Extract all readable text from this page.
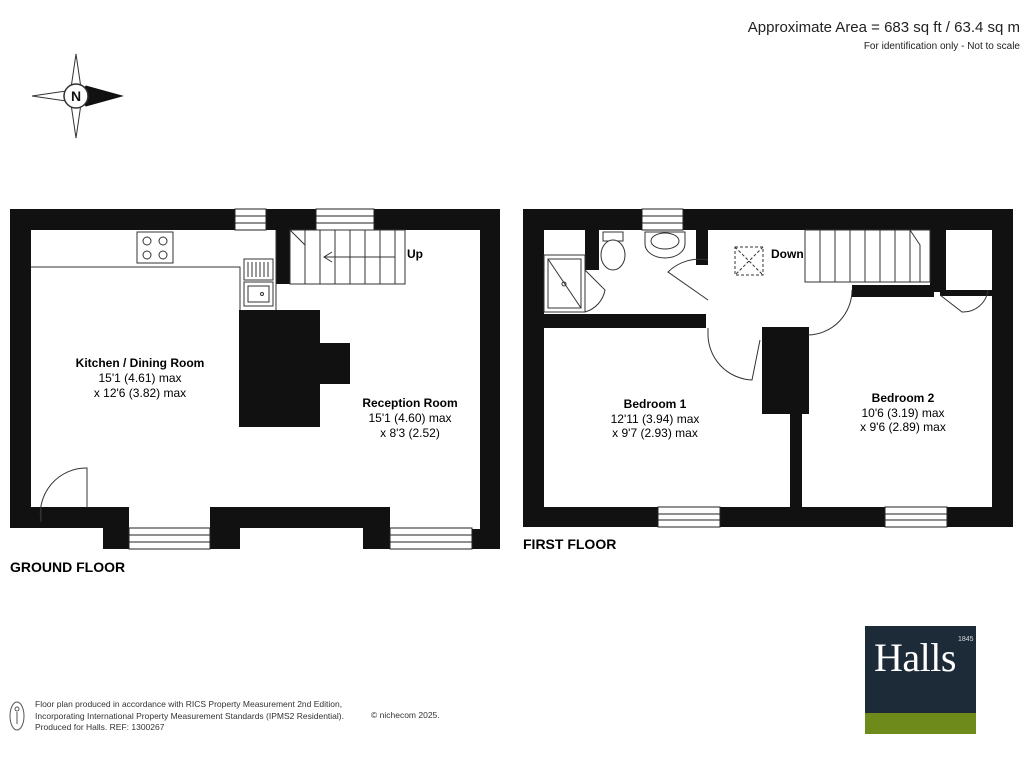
Approximate Area = 683 sq ft / 63.4 sq m
For identification only - Not to scale
N
Kitchen / Dining Room
15'1 (4.61) max
x 12'6 (3.82) max
Reception Room
15'1 (4.60) max
x 8'3 (2.52)
Up
GROUND FLOOR
Bedroom 1
12'11 (3.94) max
x 9'7 (2.93) max
Bedroom 2
10'6 (3.19) max
x 9'6 (2.89) max
Down
FIRST FLOOR
Floor plan produced in accordance with RICS Property Measurement 2nd Edition,
Incorporating International Property Measurement Standards (IPMS2 Residential).
Produced for Halls. REF: 1300267
© nichecom 2025.
Halls 1845
